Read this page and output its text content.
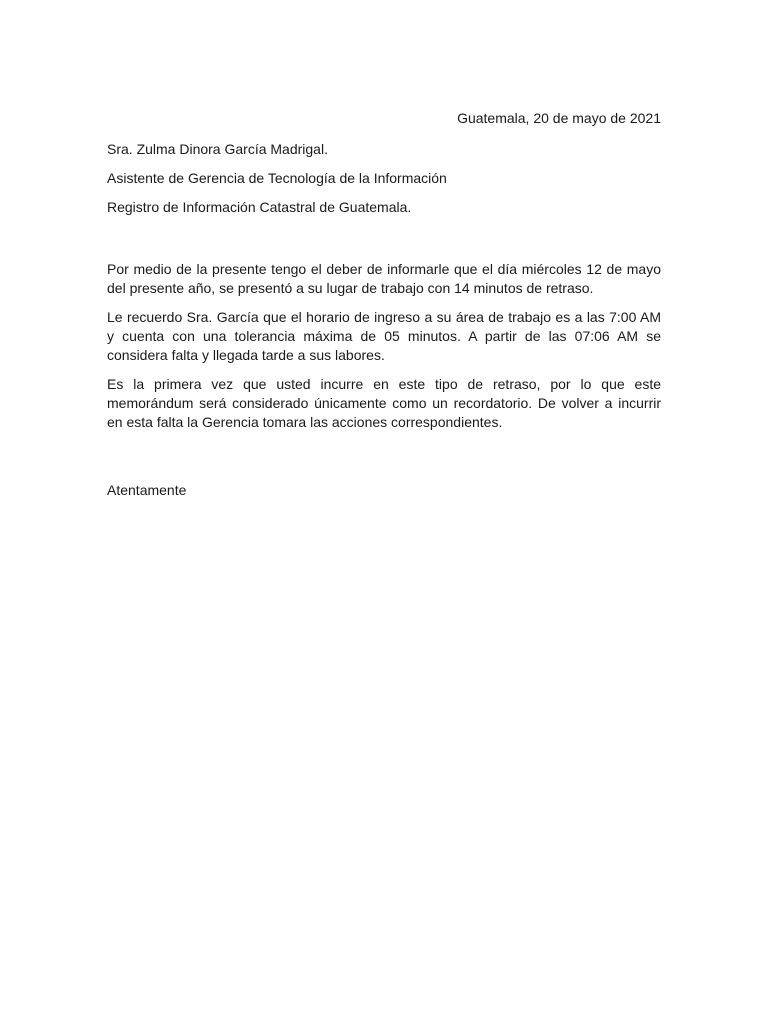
Guatemala, 20 de mayo de 2021

Sra. Zulma Dinora García Madrigal.

Asistente de Gerencia de Tecnología de la Información

Registro de Información Catastral de Guatemala.

Por medio de la presente tengo el deber de informarle que el día miércoles 12 de mayo del presente año, se presentó a su lugar de trabajo con 14 minutos de retraso.

Le recuerdo Sra. García que el horario de ingreso a su área de trabajo es a las 7:00 AM y cuenta con una tolerancia máxima de 05 minutos. A partir de las 07:06 AM se considera falta y llegada tarde a sus labores.

Es la primera vez que usted incurre en este tipo de retraso, por lo que este memorándum será considerado únicamente como un recordatorio. De volver a incurrir en esta falta la Gerencia tomara las acciones correspondientes.

Atentamente
